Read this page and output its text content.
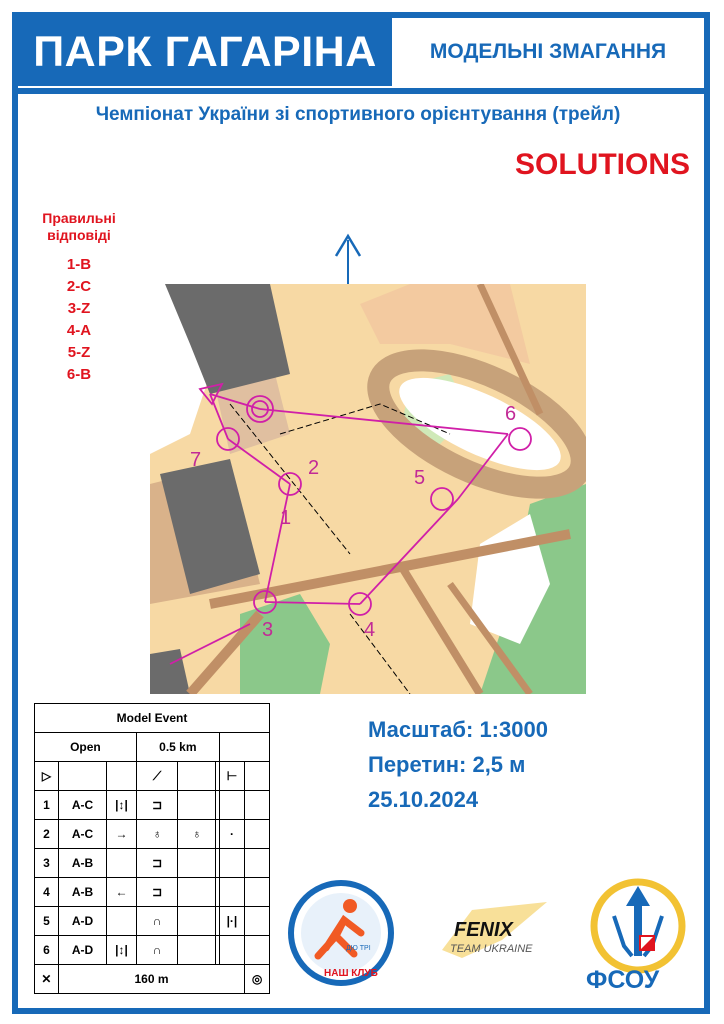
ПАРК ГАГАРІНА	МОДЕЛЬНІ ЗМАГАННЯ
Чемпіонат України зі спортивного орієнтування (трейл)
SOLUTIONS
Правильні
відповіді
1-B
2-C
3-Z
4-A
5-Z
6-B
2
3	4
5
6
7
1
Model Event							
Open			0.5 km				
▷			⟋			⊢	
1	A-C	|↕|	⊐				
2	A-C	→	♁	♁		·	
3	A-B		⊐				
4	A-B	←	⊐				
5	A-D		∩			|·|	
6	A-D	|↕|	∩				
✕	160 m						◎
Масштаб: 1:3000
Перетин: 2,5 м
25.10.2024
ДЮ ТРІ
НАШ КЛУБ
FENIX
TEAM UKRAINE
ФСОУ
